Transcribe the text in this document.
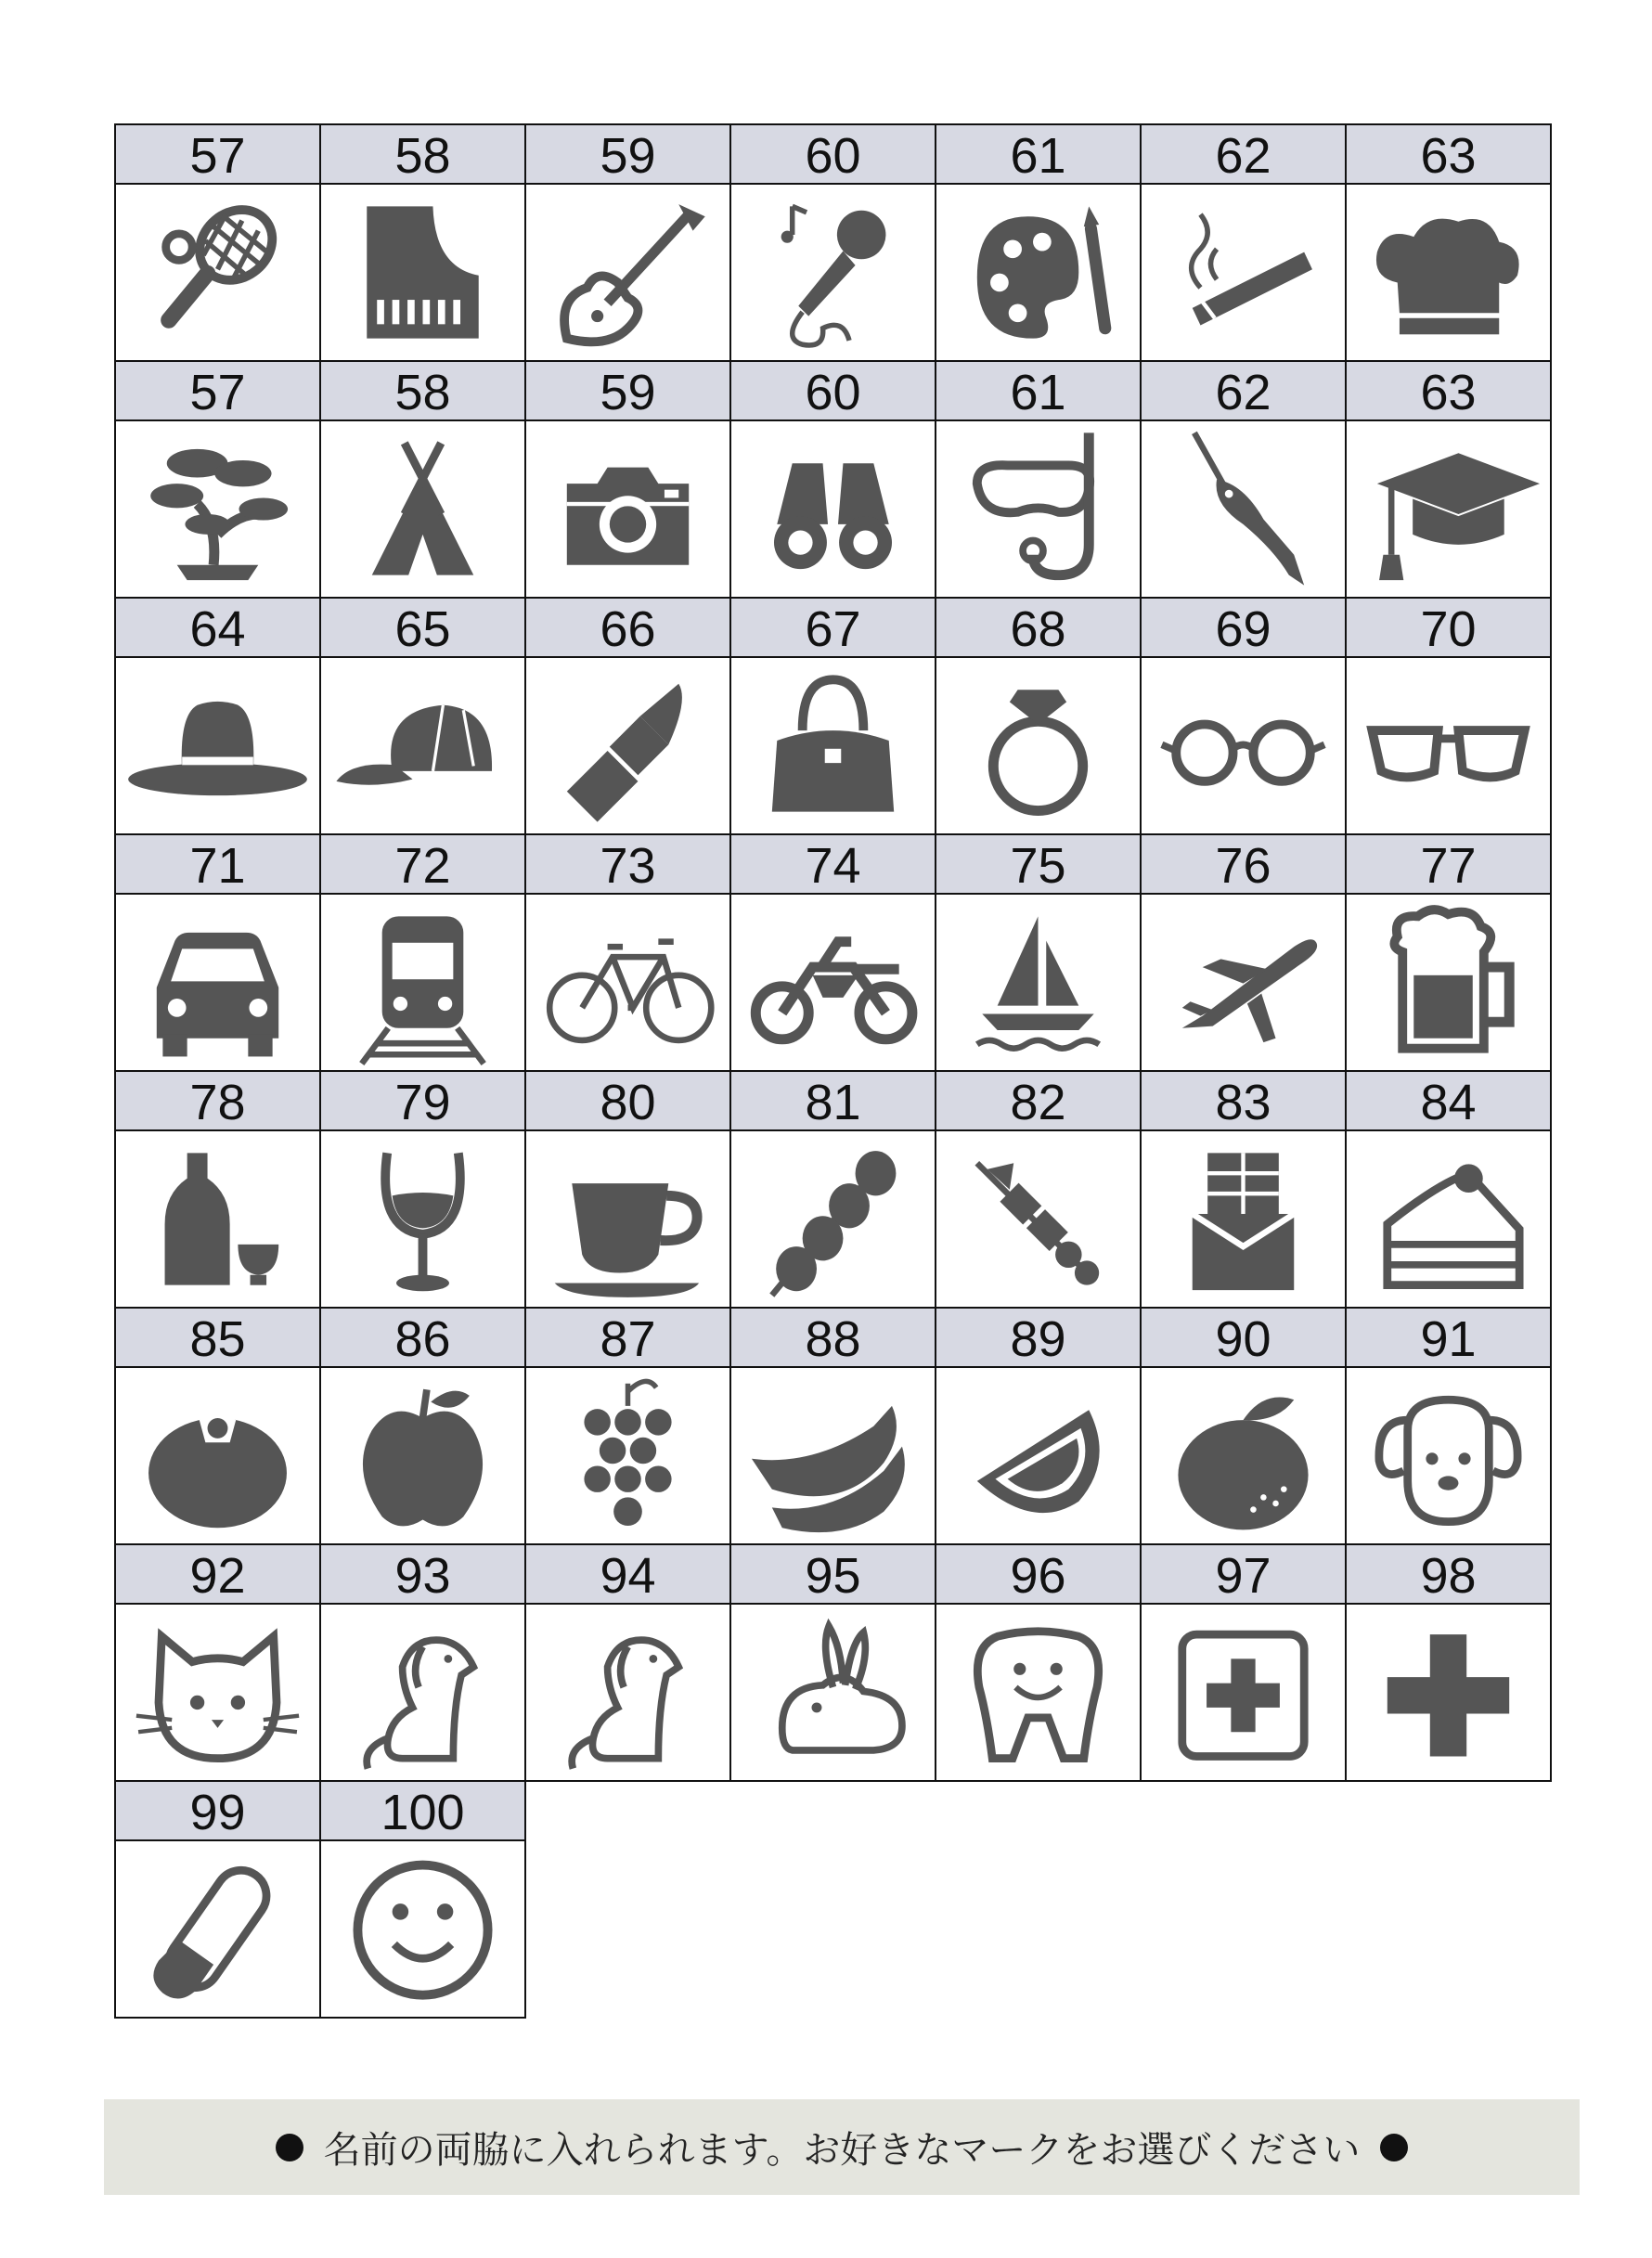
57	58	59	60	61	62	63
57	58	59	60	61	62	63
64	65	66	67	68	69	70
71	72	73	74	75	76	77
78	79	80	81	82	83	84
85	86	87	88	89	90	91
92	93	94	95	96	97	98
99	100
名前の両脇に入れられます。お好きなマークをお選びください
